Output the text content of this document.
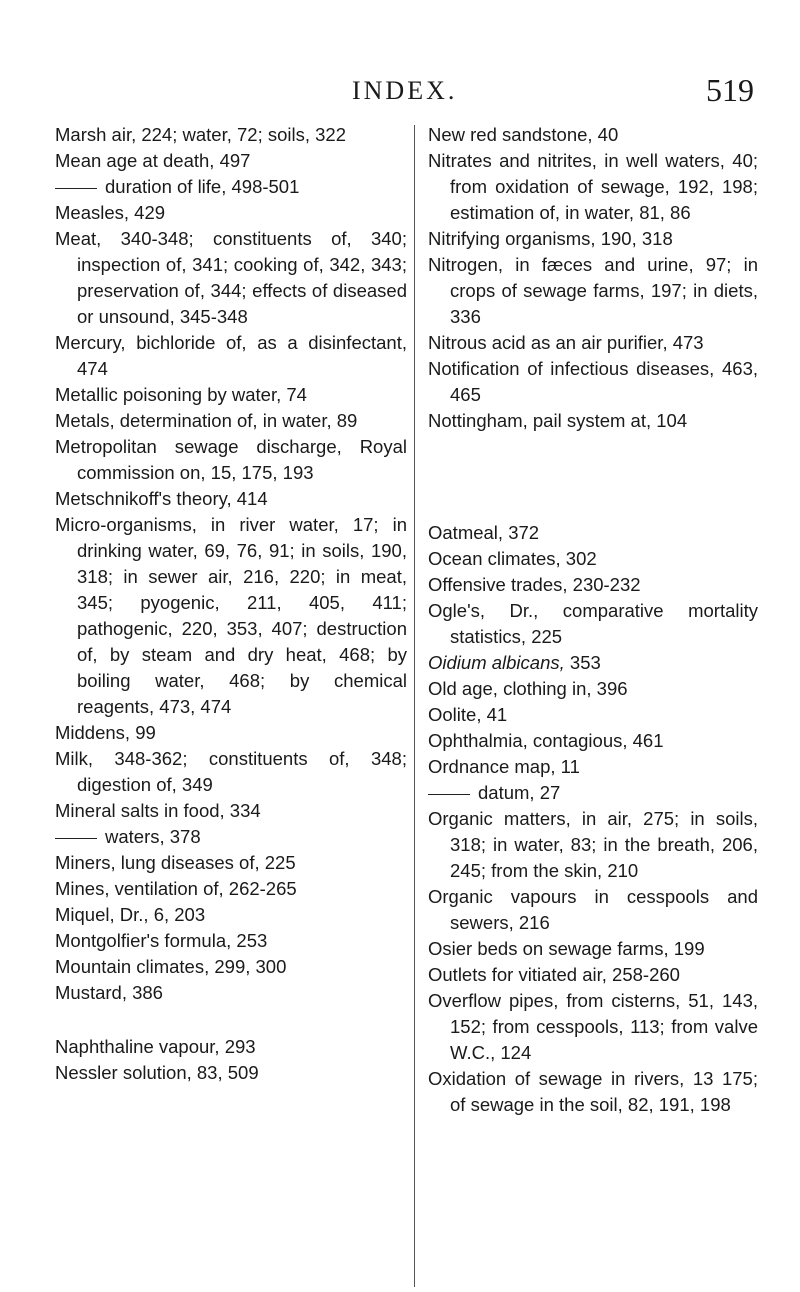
INDEX.	519
Marsh air, 224; water, 72; soils, 322
Mean age at death, 497
duration of life, 498-501
Measles, 429
Meat, 340-348; constituents of, 340; inspection of, 341; cooking of, 342, 343; preservation of, 344; effects of diseased or unsound, 345-348
Mercury, bichloride of, as a disinfectant, 474
Metallic poisoning by water, 74
Metals, determination of, in water, 89
Metropolitan sewage discharge, Royal commission on, 15, 175, 193
Metschnikoff's theory, 414
Micro-organisms, in river water, 17; in drinking water, 69, 76, 91; in soils, 190, 318; in sewer air, 216, 220; in meat, 345; pyogenic, 211, 405, 411; pathogenic, 220, 353, 407; destruction of, by steam and dry heat, 468; by boiling water, 468; by chemical reagents, 473, 474
Middens, 99
Milk, 348-362; constituents of, 348; digestion of, 349
Mineral salts in food, 334
waters, 378
Miners, lung diseases of, 225
Mines, ventilation of, 262-265
Miquel, Dr., 6, 203
Montgolfier's formula, 253
Mountain climates, 299, 300
Mustard, 386
Naphthaline vapour, 293
Nessler solution, 83, 509
New red sandstone, 40
Nitrates and nitrites, in well waters, 40; from oxidation of sewage, 192, 198; estimation of, in water, 81, 86
Nitrifying organisms, 190, 318
Nitrogen, in fæces and urine, 97; in crops of sewage farms, 197; in diets, 336
Nitrous acid as an air purifier, 473
Notification of infectious diseases, 463, 465
Nottingham, pail system at, 104
Oatmeal, 372
Ocean climates, 302
Offensive trades, 230-232
Ogle's, Dr., comparative mortality statistics, 225
Oidium albicans, 353
Old age, clothing in, 396
Oolite, 41
Ophthalmia, contagious, 461
Ordnance map, 11
datum, 27
Organic matters, in air, 275; in soils, 318; in water, 83; in the breath, 206, 245; from the skin, 210
Organic vapours in cesspools and sewers, 216
Osier beds on sewage farms, 199
Outlets for vitiated air, 258-260
Overflow pipes, from cisterns, 51, 143, 152; from cesspools, 113; from valve W.C., 124
Oxidation of sewage in rivers, 13 175; of sewage in the soil, 82, 191, 198
